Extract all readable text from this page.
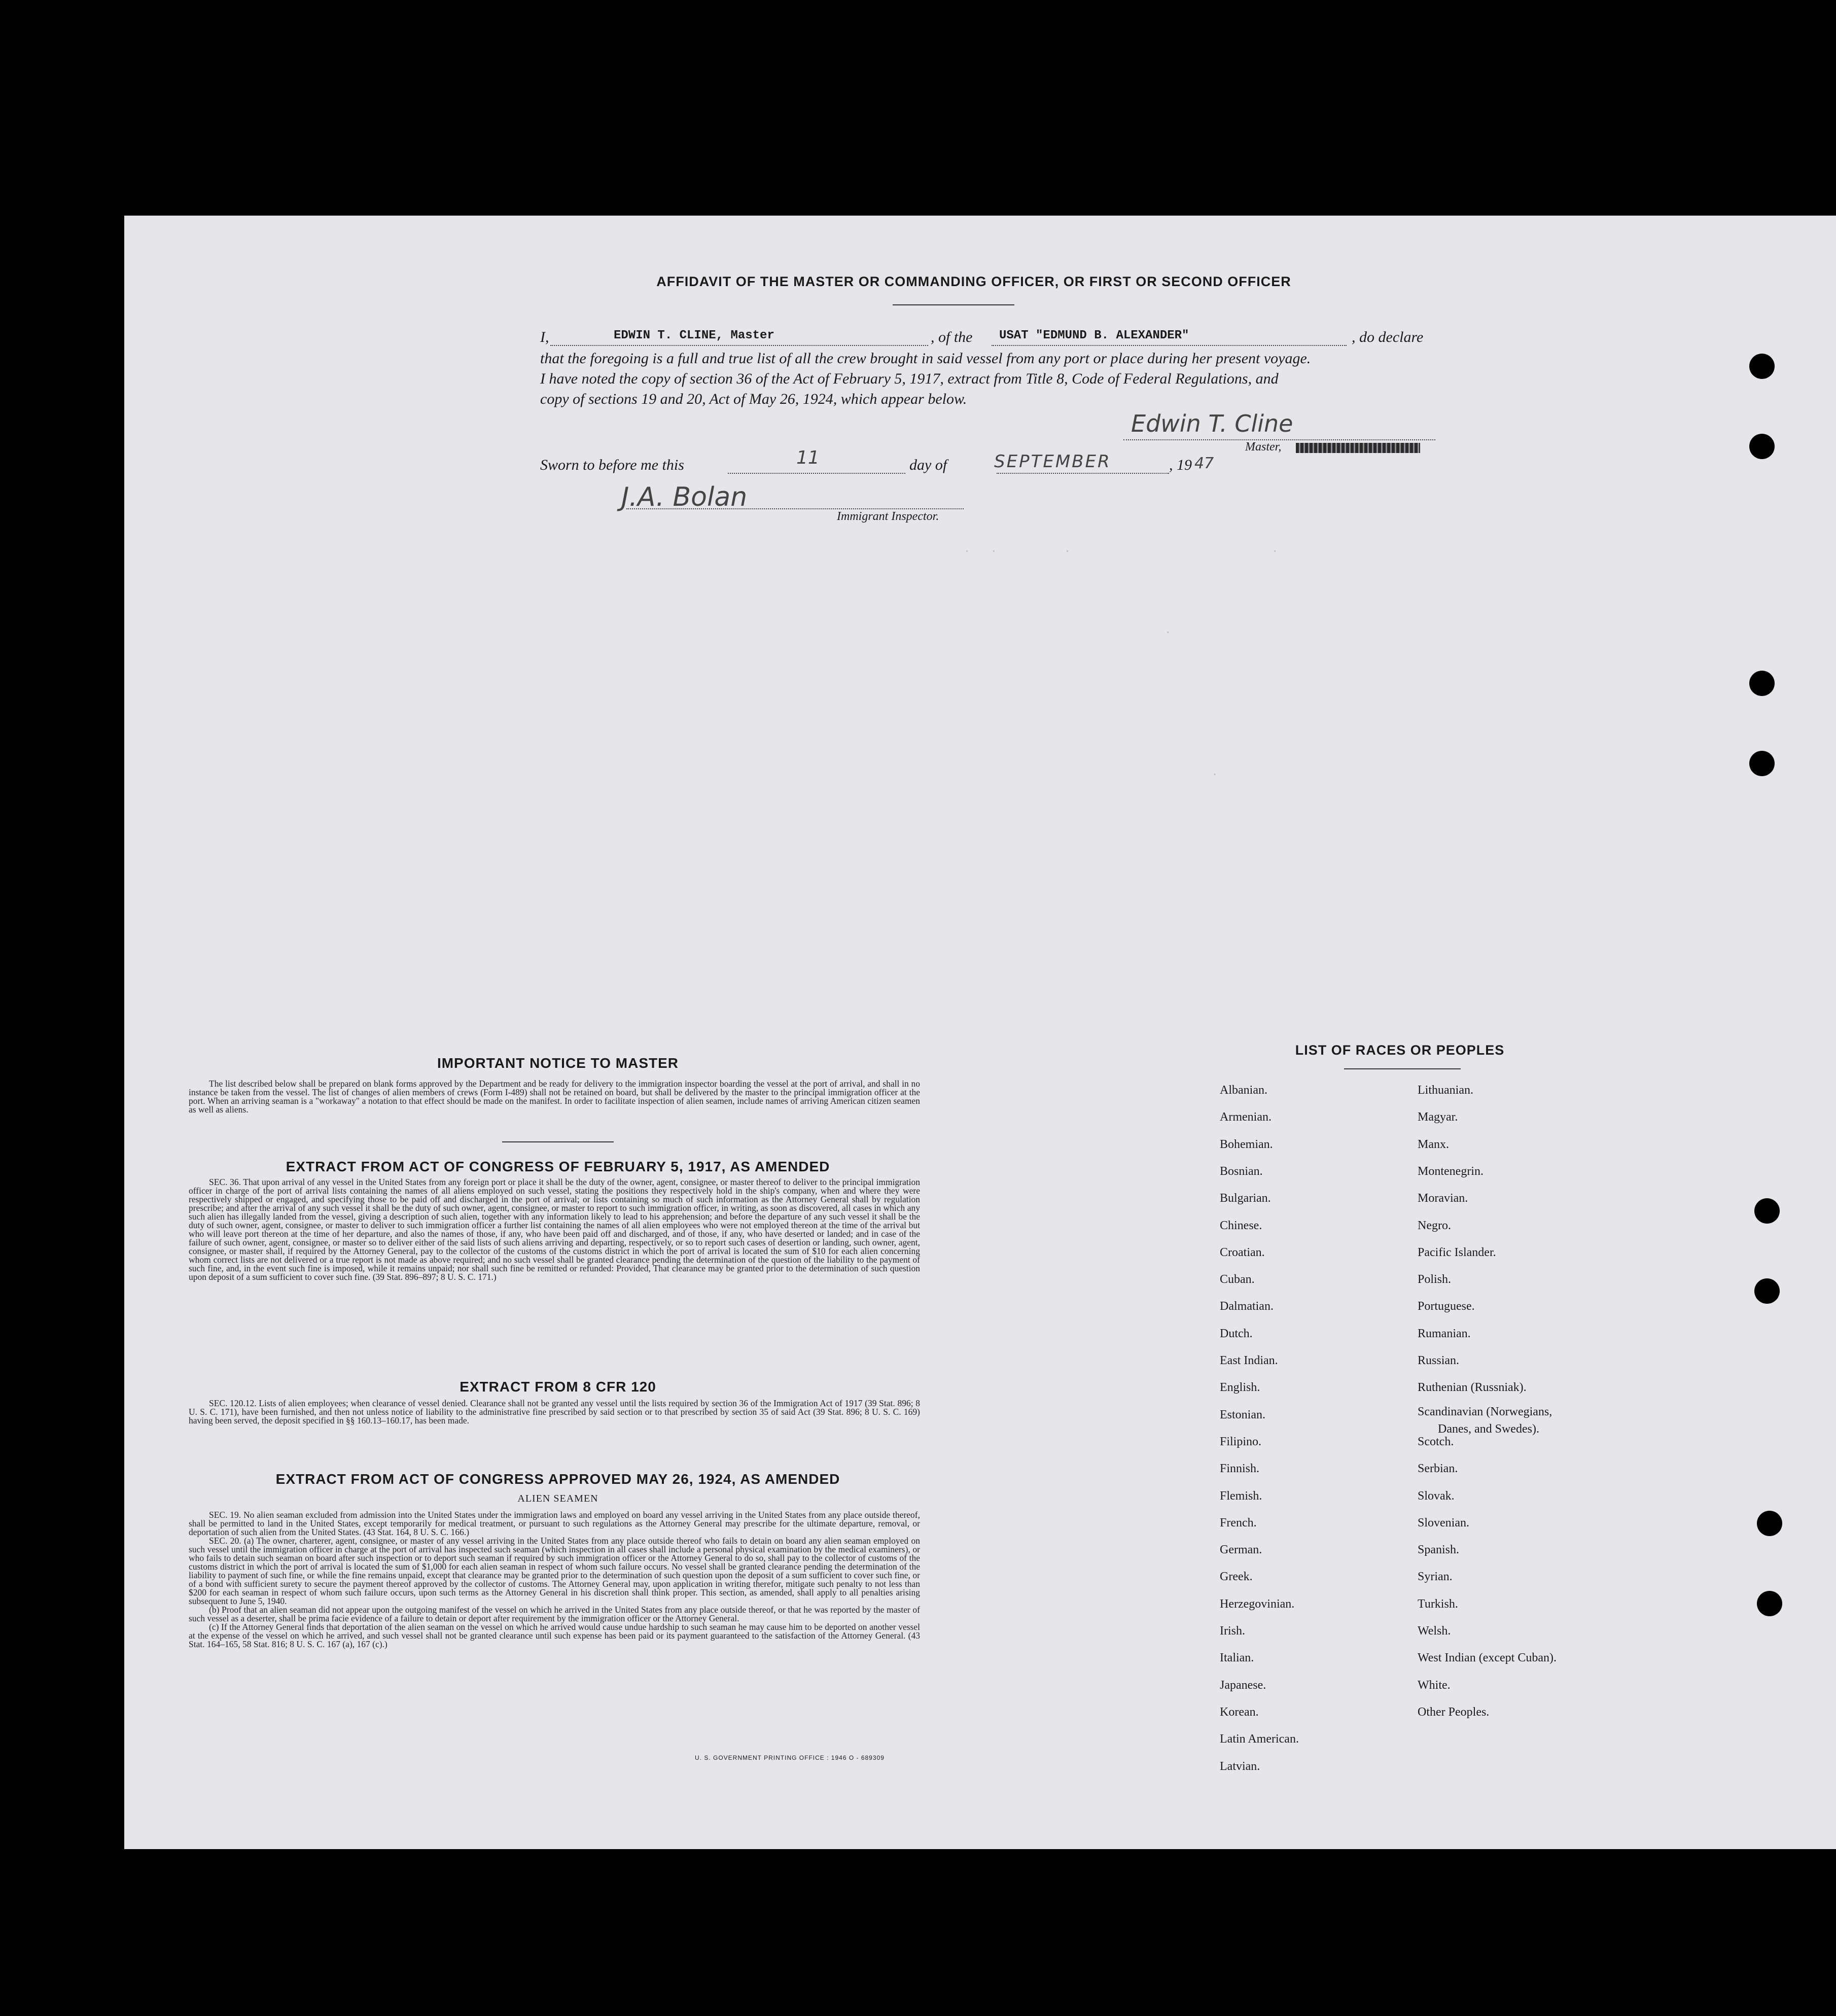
.   .          .                              .
.
.
AFFIDAVIT OF THE MASTER OR COMMANDING OFFICER, OR FIRST OR SECOND OFFICER
I,	EDWIN T. CLINE, Master	, of the USAT "EDMUND B. ALEXANDER"	, do declare
that the foregoing is a full and true list of all the crew brought in said vessel from any port or place during her present voyage.
I have noted the copy of section 36 of the Act of February 5, 1917, extract from Title 8, Code of Federal Regulations, and
copy of sections 19 and 20, Act of May 26, 1924, which appear below.
Edwin T. Cline
Master,
Sworn to before me this	day of	, 19
11	SEPTEMBER	47
J.A. Bolan
Immigrant Inspector.
IMPORTANT NOTICE TO MASTER

The list described below shall be prepared on blank forms approved by the Department and be ready for delivery to the immigration inspector boarding the vessel at the port of arrival, and shall in no instance be taken from the vessel. The list of changes of alien members of crews (Form I-489) shall not be retained on board, but shall be delivered by the master to the principal immigration officer at the port. When an arriving seaman is a "workaway" a notation to that effect should be made on the manifest. In order to facilitate inspection of alien seamen, include names of arriving American citizen seamen as well as aliens.

EXTRACT FROM ACT OF CONGRESS OF FEBRUARY 5, 1917, AS AMENDED

SEC. 36. That upon arrival of any vessel in the United States from any foreign port or place it shall be the duty of the owner, agent, consignee, or master thereof to deliver to the principal immigration officer in charge of the port of arrival lists containing the names of all aliens employed on such vessel, stating the positions they respectively hold in the ship's company, when and where they were respectively shipped or engaged, and specifying those to be paid off and discharged in the port of arrival; or lists containing so much of such information as the Attorney General shall by regulation prescribe; and after the arrival of any such vessel it shall be the duty of such owner, agent, consignee, or master to report to such immigration officer, in writing, as soon as discovered, all cases in which any such alien has illegally landed from the vessel, giving a description of such alien, together with any information likely to lead to his apprehension; and before the departure of any such vessel it shall be the duty of such owner, agent, consignee, or master to deliver to such immigration officer a further list containing the names of all alien employees who were not employed thereon at the time of the arrival but who will leave port thereon at the time of her departure, and also the names of those, if any, who have been paid off and discharged, and of those, if any, who have deserted or landed; and in case of the failure of such owner, agent, consignee, or master so to deliver either of the said lists of such aliens arriving and departing, respectively, or so to report such cases of desertion or landing, such owner, agent, consignee, or master shall, if required by the Attorney General, pay to the collector of the customs of the customs district in which the port of arrival is located the sum of $10 for each alien concerning whom correct lists are not delivered or a true report is not made as above required; and no such vessel shall be granted clearance pending the determination of the question of the liability to the payment of such fine, and, in the event such fine is imposed, while it remains unpaid; nor shall such fine be remitted or refunded: Provided, That clearance may be granted prior to the determination of such question upon deposit of a sum sufficient to cover such fine. (39 Stat. 896–897; 8 U. S. C. 171.)

EXTRACT FROM 8 CFR 120

SEC. 120.12. Lists of alien employees; when clearance of vessel denied. Clearance shall not be granted any vessel until the lists required by section 36 of the Immigration Act of 1917 (39 Stat. 896; 8 U. S. C. 171), have been furnished, and then not unless notice of liability to the administrative fine prescribed by said section or to that prescribed by section 35 of said Act (39 Stat. 896; 8 U. S. C. 169) having been served, the deposit specified in §§ 160.13–160.17, has been made.

EXTRACT FROM ACT OF CONGRESS APPROVED MAY 26, 1924, AS AMENDED
ALIEN SEAMEN

SEC. 19. No alien seaman excluded from admission into the United States under the immigration laws and employed on board any vessel arriving in the United States from any place outside thereof, shall be permitted to land in the United States, except temporarily for medical treatment, or pursuant to such regulations as the Attorney General may prescribe for the ultimate departure, removal, or deportation of such alien from the United States. (43 Stat. 164, 8 U. S. C. 166.)

SEC. 20. (a) The owner, charterer, agent, consignee, or master of any vessel arriving in the United States from any place outside thereof who fails to detain on board any alien seaman employed on such vessel until the immigration officer in charge at the port of arrival has inspected such seaman (which inspection in all cases shall include a personal physical examination by the medical examiners), or who fails to detain such seaman on board after such inspection or to deport such seaman if required by such immigration officer or the Attorney General to do so, shall pay to the collector of customs of the customs district in which the port of arrival is located the sum of $1,000 for each alien seaman in respect of whom such failure occurs. No vessel shall be granted clearance pending the determination of the liability to payment of such fine, or while the fine remains unpaid, except that clearance may be granted prior to the determination of such question upon the deposit of a sum sufficient to cover such fine, or of a bond with sufficient surety to secure the payment thereof approved by the collector of customs. The Attorney General may, upon application in writing therefor, mitigate such penalty to not less than $200 for each seaman in respect of whom such failure occurs, upon such terms as the Attorney General in his discretion shall think proper. This section, as amended, shall apply to all penalties arising subsequent to June 5, 1940.

(b) Proof that an alien seaman did not appear upon the outgoing manifest of the vessel on which he arrived in the United States from any place outside thereof, or that he was reported by the master of such vessel as a deserter, shall be prima facie evidence of a failure to detain or deport after requirement by the immigration officer or the Attorney General.

(c) If the Attorney General finds that deportation of the alien seaman on the vessel on which he arrived would cause undue hardship to such seaman he may cause him to be deported on another vessel at the expense of the vessel on which he arrived, and such vessel shall not be granted clearance until such expense has been paid or its payment guaranteed to the satisfaction of the Attorney General. (43 Stat. 164–165, 58 Stat. 816; 8 U. S. C. 167 (a), 167 (c).)

U. S. GOVERNMENT PRINTING OFFICE : 1946 O - 689309
LIST OF RACES OR PEOPLES
Albanian.
Armenian.
Bohemian.
Bosnian.
Bulgarian.
Chinese.
Croatian.
Cuban.
Dalmatian.
Dutch.
East Indian.
English.
Estonian.
Filipino.
Finnish.
Flemish.
French.
German.
Greek.
Herzegovinian.
Irish.
Italian.
Japanese.
Korean.
Latin American.
Latvian.
Lithuanian.
Magyar.
Manx.
Montenegrin.
Moravian.
Negro.
Pacific Islander.
Polish.
Portuguese.
Rumanian.
Russian.
Ruthenian (Russniak).
Scandinavian (Norwegians,
Danes, and Swedes).
Scotch.
Serbian.
Slovak.
Slovenian.
Spanish.
Syrian.
Turkish.
Welsh.
West Indian (except Cuban).
White.
Other Peoples.
